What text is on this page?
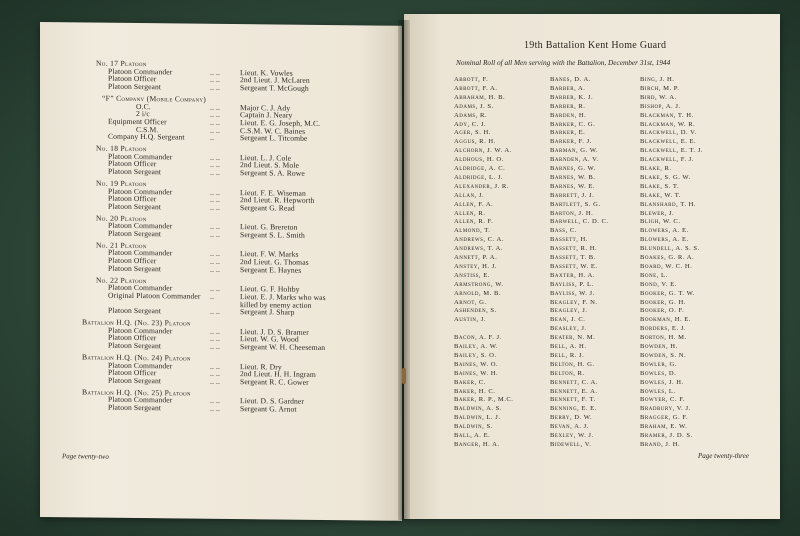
No. 17 Platoon
Platoon Commander	.. ..	Lieut. K. Vowles
Platoon Officer	.. ..	2nd Lieut. J. McLaren
Platoon Sergeant	.. ..	Sergeant T. McGough
“F” Company (Mobile Company)
O.C.	.. ..	Major C. J. Ady
2 i/c	.. ..	Captain J. Neary
Equipment Officer	.. ..	Lieut. E. G. Joseph, M.C.
C.S.M.	.. ..	C.S.M. W. C. Baines
Company H.Q. Sergeant	..	Sergeant L. Titcombe
No. 18 Platoon
Platoon Commander	.. ..	Lieut. L. J. Cole
Platoon Officer	.. ..	2nd Lieut. S. Mole
Platoon Sergeant	.. ..	Sergeant S. A. Rowe
No. 19 Platoon
Platoon Commander	.. ..	Lieut. F. E. Wiseman
Platoon Officer	.. ..	2nd Lieut. R. Hepworth
Platoon Sergeant	.. ..	Sergeant G. Read
No. 20 Platoon
Platoon Commander	.. ..	Lieut. G. Brereton
Platoon Sergeant	.. ..	Sergeant S. L. Smith
No. 21 Platoon
Platoon Commander	.. ..	Lieut. F. W. Marks
Platoon Officer	.. ..	2nd Lieut. G. Thomas
Platoon Sergeant	.. ..	Sergeant E. Haynes
No. 22 Platoon
Platoon Commander	.. ..	Lieut. G. F. Holtby
Original Platoon Commander ..	Lieut. E. J. Marks who was
killed by enemy action
Platoon Sergeant	.. ..	Sergeant J. Sharp
Battalion H.Q. (No. 23) Platoon
Platoon Commander	.. ..	Lieut. J. D. S. Bramer
Platoon Officer	.. ..	Lieut. W. G. Wood
Platoon Sergeant	.. ..	Sergeant W. H. Cheeseman
Battalion H.Q. (No. 24) Platoon
Platoon Commander	.. ..	Lieut. R. Dry
Platoon Officer	.. ..	2nd Lieut. H. H. Ingram
Platoon Sergeant	.. ..	Sergeant R. C. Gower
Battalion H.Q. (No. 25) Platoon
Platoon Commander	.. ..	Lieut. D. S. Gardner
Platoon Sergeant	.. ..	Sergeant G. Arnot
Page twenty-two
19th Battalion Kent Home Guard
Nominal Roll of all Men serving with the Battalion, December 31st, 1944
Page twenty-three
Abbott, F.
Abbott, F. A.
Abraham, H. B.
Adams, J. S.
Adams, R.
Ady, C. J.
Ager, S. H.
Aggus, R. H.
Alchorn, J. W. A.
Aldhous, H. O.
Aldridge, A. C.
Aldridge, L. J.
Alexander, J. R.
Allan, J.
Allen, F. A.
Allen, R.
Allen, R. F.
Almond, T.
Andrews, C. A.
Andrews, T. A.
Annett, P. A.
Anstey, H. J.
Anstiss, E.
Armstrong, W.
Arnold, M. B.
Arnot, G.
Ashenden, S.
Austin, J.
Bacon, A. F. J.
Bailey, A. W.
Bailey, S. O.
Baines, W. O.
Baines, W. H.
Baker, C.
Baker, H. C.
Baker, R. P., M.C.
Baldwin, A. S.
Baldwin, L. J.
Baldwin, S.
Ball, A. E.
Banger, H. A.
Banes, D. A.
Barber, A.
Barber, K. J.
Barber, R.
Barden, H.
Barker, C. G.
Barker, E.
Barker, F. J.
Barman, G. W.
Barnden, A. V.
Barnes, G. W.
Barnes, W. B.
Barnes, W. E.
Barrett, J. J.
Bartlett, S. G.
Barton, J. H.
Barwell, C. D. C.
Bass, C.
Bassett, H.
Bassett, R. H.
Bassett, T. B.
Bassett, W. E.
Baxter, H. A.
Bayliss, P. L.
Bayliss, W. J.
Beagley, F. N.
Beagley, J.
Bean, J. C.
Beasley, J.
Beater, N. M.
Bell, A. H.
Bell, R. J.
Belton, H. G.
Belton, R.
Bennett, C. A.
Bennett, E. A.
Bennett, F. T.
Benning, E. E.
Berry, D. W.
Bevan, A. J.
Bexley, W. J.
Bidewell, V.
Bing, J. H.
Birch, M. P.
Bird, W. A.
Bishop, A. J.
Blackman, T. H.
Blackman, W. R.
Blackwell, D. V.
Blackwell, E. E.
Blackwell, E. T. J.
Blackwell, F. J.
Blake, R.
Blake, S. G. W.
Blake, S. T.
Blake, W. T.
Blanshard, T. H.
Blewer, J.
Bligh, W. C.
Blowers, A. E.
Blowers, A. E.
Blundell, A. S. S.
Boakes, G. R. A.
Board, W. C. H.
Bone, L.
Bond, V. E.
Booker, G. T. W.
Booker, G. H.
Booker, O. F.
Bookman, H. E.
Borders, E. J.
Borton, H. M.
Bowden, H.
Bowden, S. N.
Bowler, G.
Bowles, D.
Bowles, J. H.
Bowles, L.
Bowyer, C. F.
Bradbury, V. J.
Bragger, G. F.
Braham, E. W.
Bramer, J. D. S.
Brand, J. H.
